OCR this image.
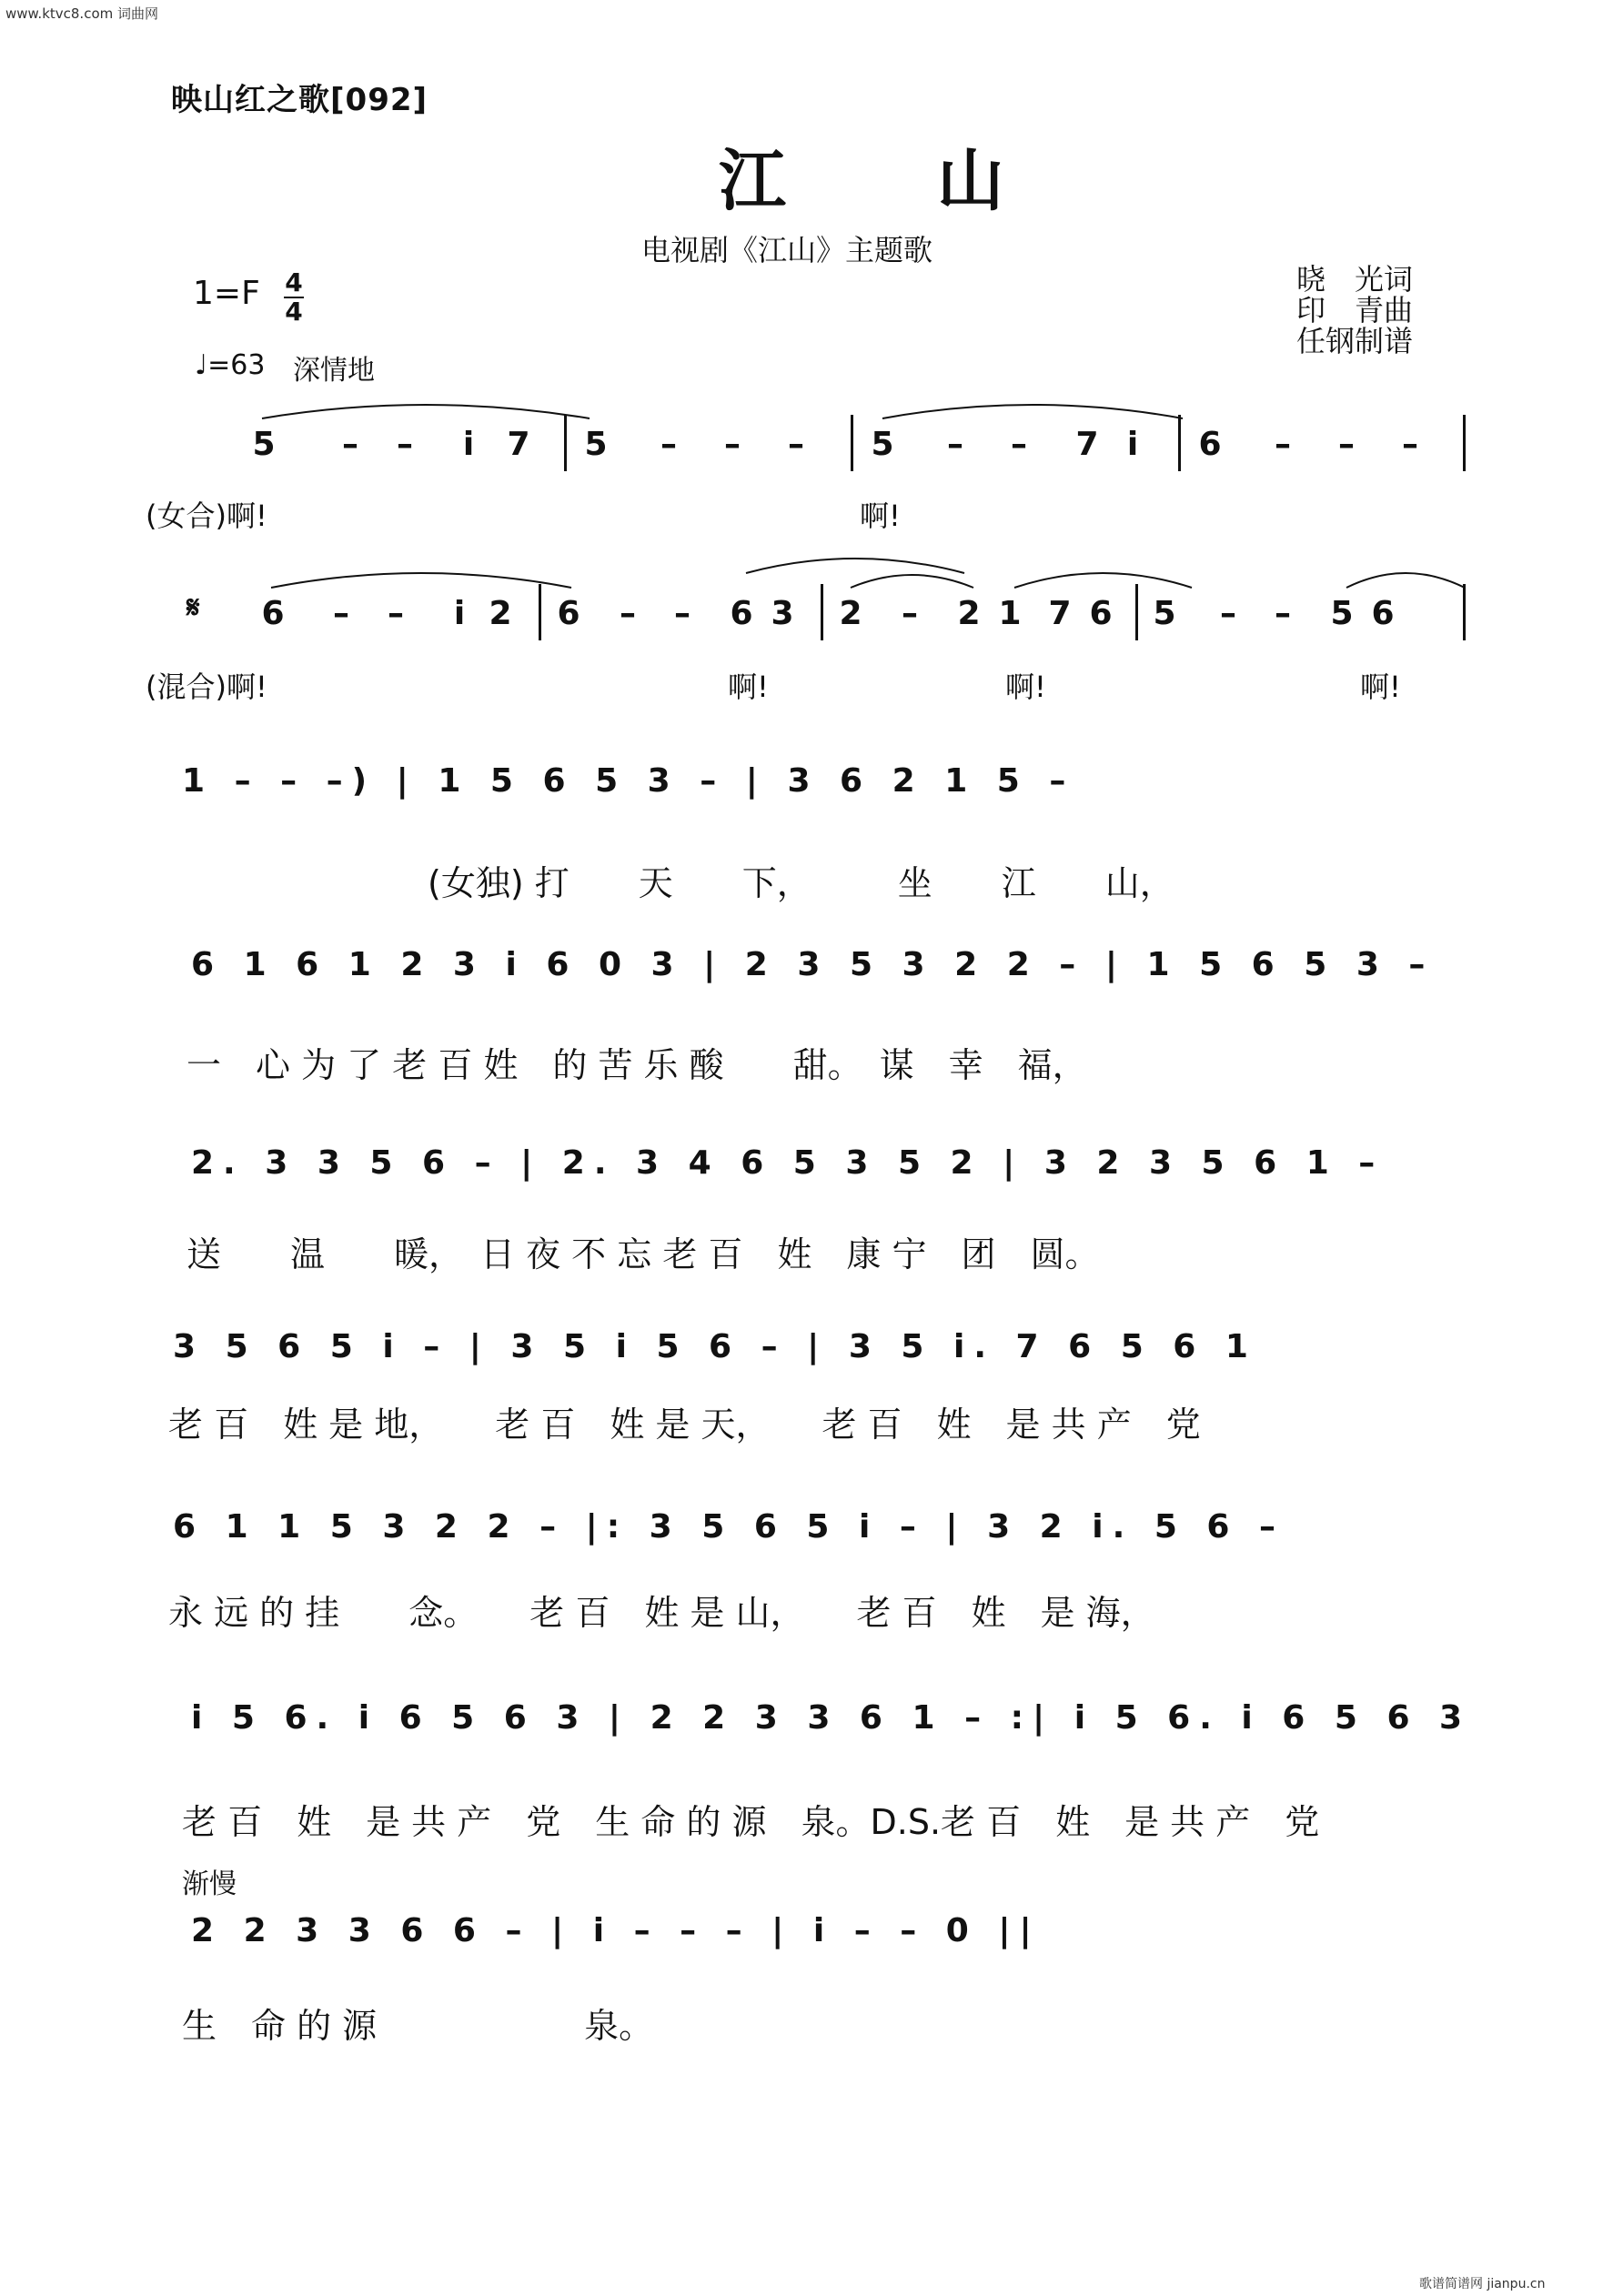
www.ktvc8.com 词曲网
歌谱简谱网 jianpu.cn
映山红之歌[092]
江 山
电视剧《江山》主题歌
晓　光词
印　青曲
任钢制谱
1=F 4
4
♩=63 深情地
5	–	–	i	7 5	–	–	–	5	–	–	7 i	6	–	–	–
(女合)啊!	啊!
𝄋 6	–	–	i 2 6	–	–	6 3 2	–	2 1 7 6 5	–	–	5 6
(混合)啊!	啊!	啊!	啊!
1 – – –) | 1 5 6 5 3 – | 3 6 2 1 5 –
(女独) 打　　天　　下，　　　坐　　江　　山，
6 1 6 1 2 3 i 6 0 3 | 2 3 5 3 2 2 – | 1 5 6 5 3 –
一　心 为 了 老 百 姓　的 苦 乐 酸　　甜。　谋　幸　福，
2. 3 3 5 6 – | 2. 3 4 6 5 3 5 2 | 3 2 3 5 6 1 –
送　　温　　暖，　日 夜 不 忘 老 百　姓　康 宁　团　圆。
3 5 6 5 i – | 3 5 i 5 6 – | 3 5 i. 7 6 5 6 1
老 百　姓 是 地，　　老 百　姓 是 天，　　老 百　姓　是 共 产　党
6 1 1 5 3 2 2 – |: 3 5 6 5 i – | 3 2 i. 5 6 –
永 远 的 挂　　念。　　老 百　姓 是 山，　　老 百　姓　是 海，
i 5 6. i 6 5 6 3 | 2 2 3 3 6 1 – :| i 5 6. i 6 5 6 3
老 百　姓　是 共 产　党　生 命 的 源　泉。D.S.老 百　姓　是 共 产　党
渐慢
2 2 3 3 6 6 – | i – – – | i – – 0 ||
生　命 的 源　　　　　　泉。
